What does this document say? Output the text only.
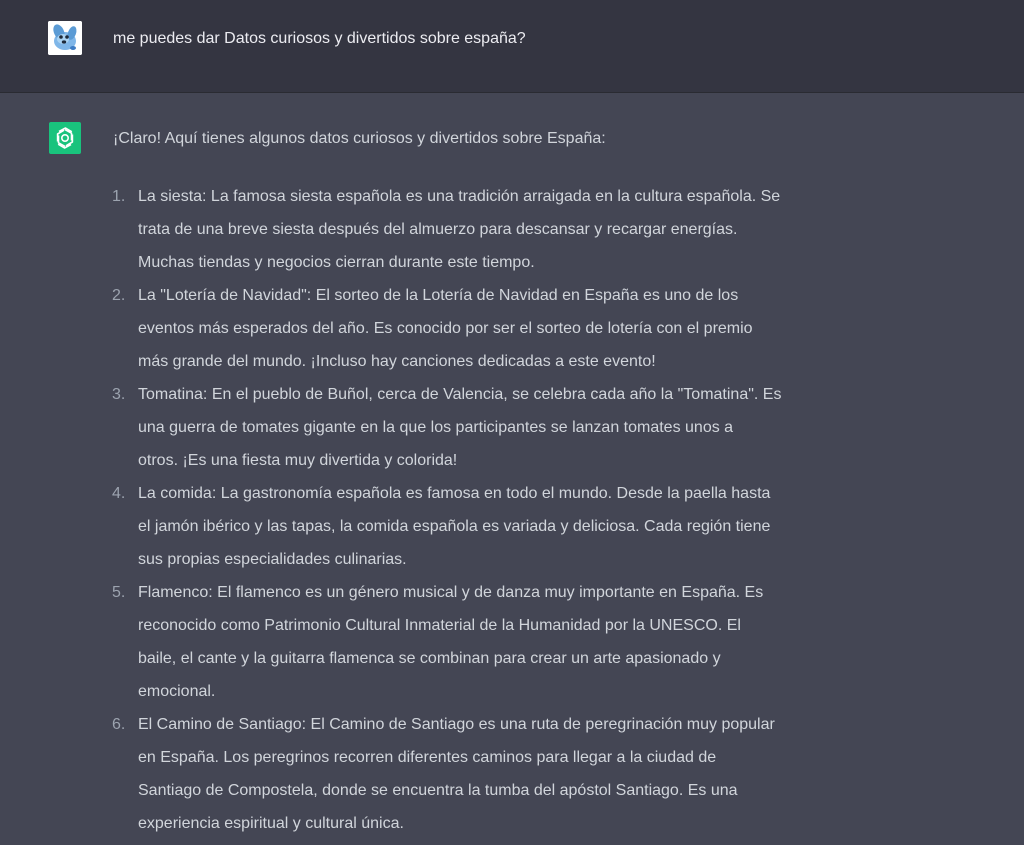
me puedes dar Datos curiosos y divertidos sobre españa?
¡Claro! Aquí tienes algunos datos curiosos y divertidos sobre España:
1. La siesta: La famosa siesta española es una tradición arraigada en la cultura española. Se
trata de una breve siesta después del almuerzo para descansar y recargar energías.
Muchas tiendas y negocios cierran durante este tiempo.
2. La "Lotería de Navidad": El sorteo de la Lotería de Navidad en España es uno de los
eventos más esperados del año. Es conocido por ser el sorteo de lotería con el premio
más grande del mundo. ¡Incluso hay canciones dedicadas a este evento!
3. Tomatina: En el pueblo de Buñol, cerca de Valencia, se celebra cada año la "Tomatina". Es
una guerra de tomates gigante en la que los participantes se lanzan tomates unos a
otros. ¡Es una fiesta muy divertida y colorida!
4. La comida: La gastronomía española es famosa en todo el mundo. Desde la paella hasta
el jamón ibérico y las tapas, la comida española es variada y deliciosa. Cada región tiene
sus propias especialidades culinarias.
5. Flamenco: El flamenco es un género musical y de danza muy importante en España. Es
reconocido como Patrimonio Cultural Inmaterial de la Humanidad por la UNESCO. El
baile, el cante y la guitarra flamenca se combinan para crear un arte apasionado y
emocional.
6. El Camino de Santiago: El Camino de Santiago es una ruta de peregrinación muy popular
en España. Los peregrinos recorren diferentes caminos para llegar a la ciudad de
Santiago de Compostela, donde se encuentra la tumba del apóstol Santiago. Es una
experiencia espiritual y cultural única.
